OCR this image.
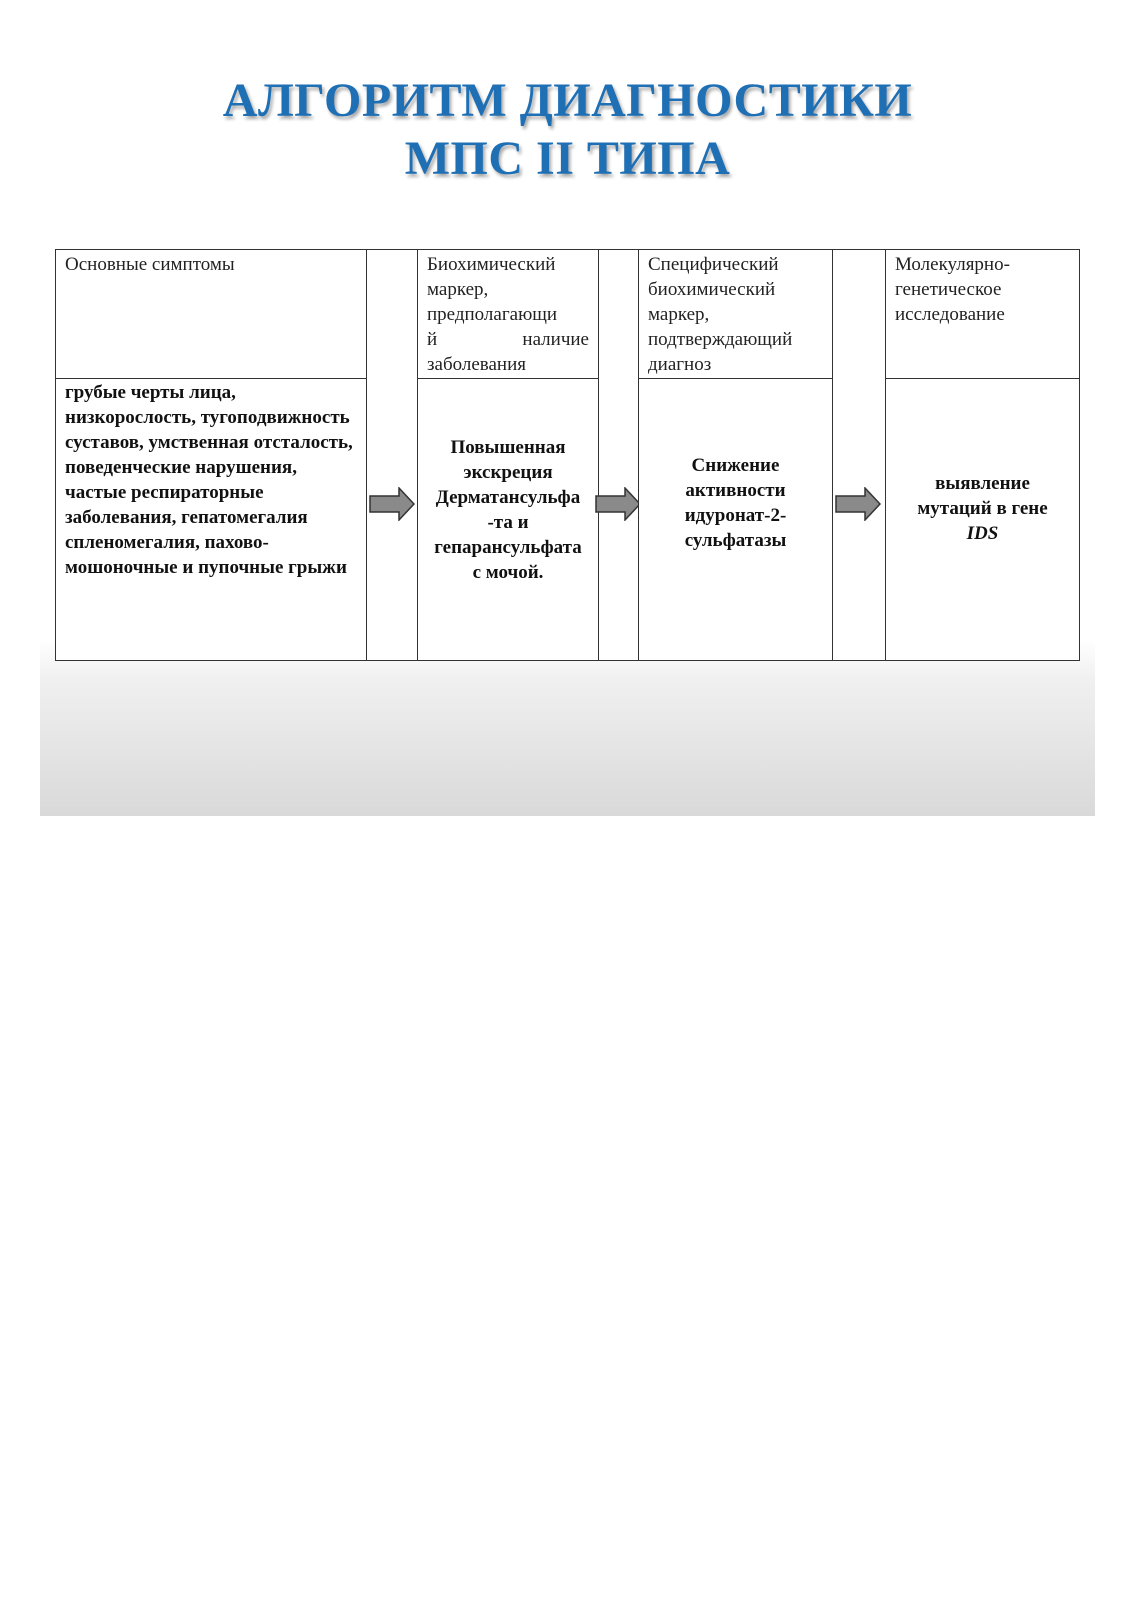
АЛГОРИТМ ДИАГНОСТИКИ
МПС II ТИПА
Основные симптомы
грубые черты лица, низкорослость, тугоподвижность суставов, умственная отсталость, поведенческие нарушения, частые респираторные заболевания, гепатомегалия спленомегалия, пахово-мошоночные и пупочные грыжи
Биохимический
маркер,
предполагающи
й наличие
заболевания
Повышенная
экскреция
Дерматансульфа
-та и
гепарансульфата
с мочой.
Специфический
биохимический
маркер,
подтверждающий
диагноз
Снижение
активности
идуронат-2-
сульфатазы
Молекулярно-
генетическое
исследование
выявление
мутаций в гене
IDS
